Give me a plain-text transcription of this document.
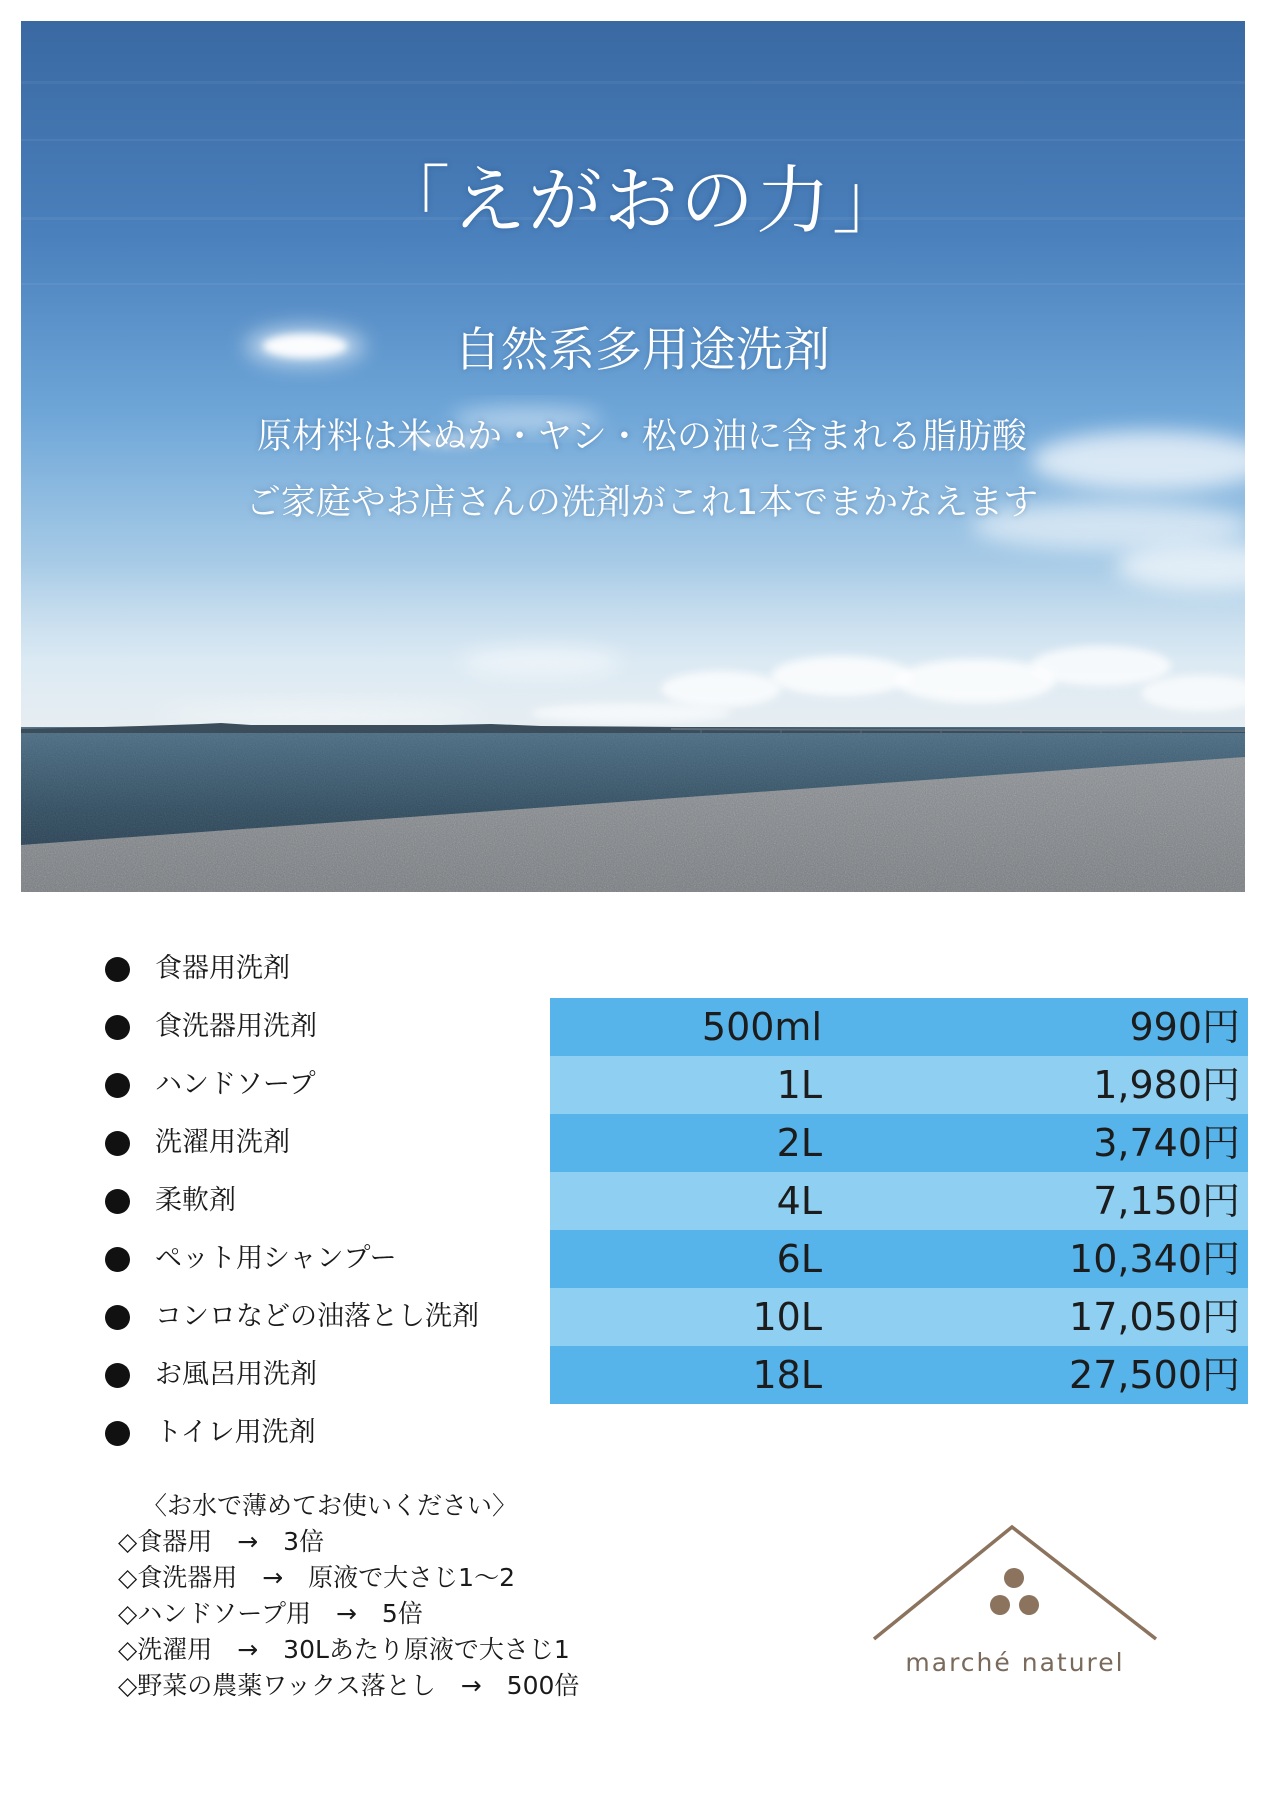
「えがおの力」
自然系多用途洗剤
原材料は米ぬか・ヤシ・松の油に含まれる脂肪酸
ご家庭やお店さんの洗剤がこれ1本でまかなえます
食器用洗剤
食洗器用洗剤
ハンドソープ
洗濯用洗剤
柔軟剤
ペット用シャンプー
コンロなどの油落とし洗剤
お風呂用洗剤
トイレ用洗剤
500ml	990円
1L	1,980円
2L	3,740円
4L	7,150円
6L	10,340円
10L	17,050円
18L	27,500円
〈お水で薄めてお使いください〉
◇食器用　→　3倍
◇食洗器用　→　原液で大さじ1～2
◇ハンドソープ用　→　5倍
◇洗濯用　→　30Lあたり原液で大さじ1
◇野菜の農薬ワックス落とし　→　500倍
marché naturel
